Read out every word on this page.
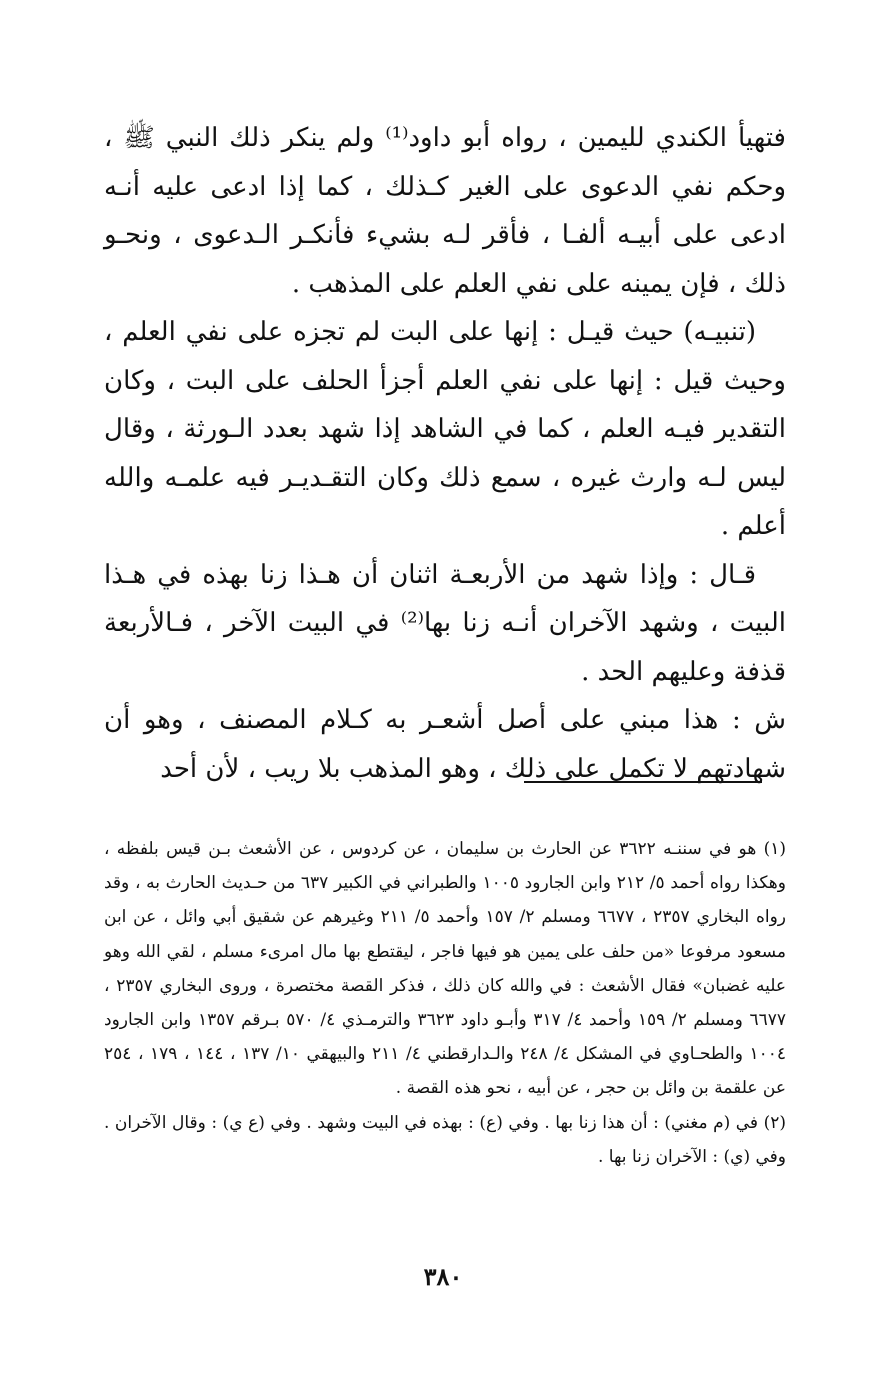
فتهيأ الكندي لليمين ، رواه أبو داود⁽¹⁾ ولم ينكر ذلك النبي ﷺ ، وحكم نفي الدعوى على الغير كـذلك ، كما إذا ادعى عليه أنـه ادعى على أبيـه ألفـا ، فأقر لـه بشيء فأنكـر الـدعوى ، ونحـو ذلك ، فإن يمينه على نفي العلم على المذهب .

(تنبيـه) حيث قيـل : إنها على البت لم تجزه على نفي العلم ، وحيث قيل : إنها على نفي العلم أجزأ الحلف على البت ، وكان التقدير فيـه العلم ، كما في الشاهد إذا شهد بعدد الـورثة ، وقال ليس لـه وارث غيره ، سمع ذلك وكان التقـديـر فيه علمـه والله أعلم .

قـال : وإذا شهد من الأربعـة اثنان أن هـذا زنا بهذه في هـذا البيت ، وشهد الآخران أنـه زنا بها⁽²⁾ في البيت الآخر ، فـالأربعة قذفة وعليهم الحد .

ش : هذا مبني على أصل أشعـر به كـلام المصنف ، وهو أن شهادتهم لا تكمل على ذلك ، وهو المذهب بلا ريب ، لأن أحد

(١) هو في سننـه ٣٦٢٢ عن الحارث بن سليمان ، عن كردوس ، عن الأشعث بـن قيس بلفظه ، وهكذا رواه أحمد ٥/ ٢١٢ وابن الجارود ١٠٠٥ والطبراني في الكبير ٦٣٧ من حـديث الحارث به ، وقد رواه البخاري ٢٣٥٧ ، ٦٦٧٧ ومسلم ٢/ ١٥٧ وأحمد ٥/ ٢١١ وغيرهم عن شقيق أبي وائل ، عن ابن مسعود مرفوعا «من حلف على يمين هو فيها فاجر ، ليقتطع بها مال امرىء مسلم ، لقي الله وهو عليه غضبان» فقال الأشعث : في والله كان ذلك ، فذكر القصة مختصرة ، وروى البخاري ٢٣٥٧ ، ٦٦٧٧ ومسلم ٢/ ١٥٩ وأحمد ٤/ ٣١٧ وأبـو داود ٣٦٢٣ والترمـذي ٤/ ٥٧٠ بـرقم ١٣٥٧ وابن الجارود ١٠٠٤ والطحـاوي في المشكل ٤/ ٢٤٨ والـدارقطني ٤/ ٢١١ والبيهقي ١٠/ ١٣٧ ، ١٤٤ ، ١٧٩ ، ٢٥٤ عن علقمة بن وائل بن حجر ، عن أبيه ، نحو هذه القصة .

(٢) في (م مغني) : أن هذا زنا بها . وفي (ع) : بهذه في البيت وشهد . وفي (ع ي) : وقال الآخران . وفي (ي) : الآخران زنا بها .

٣٨٠
